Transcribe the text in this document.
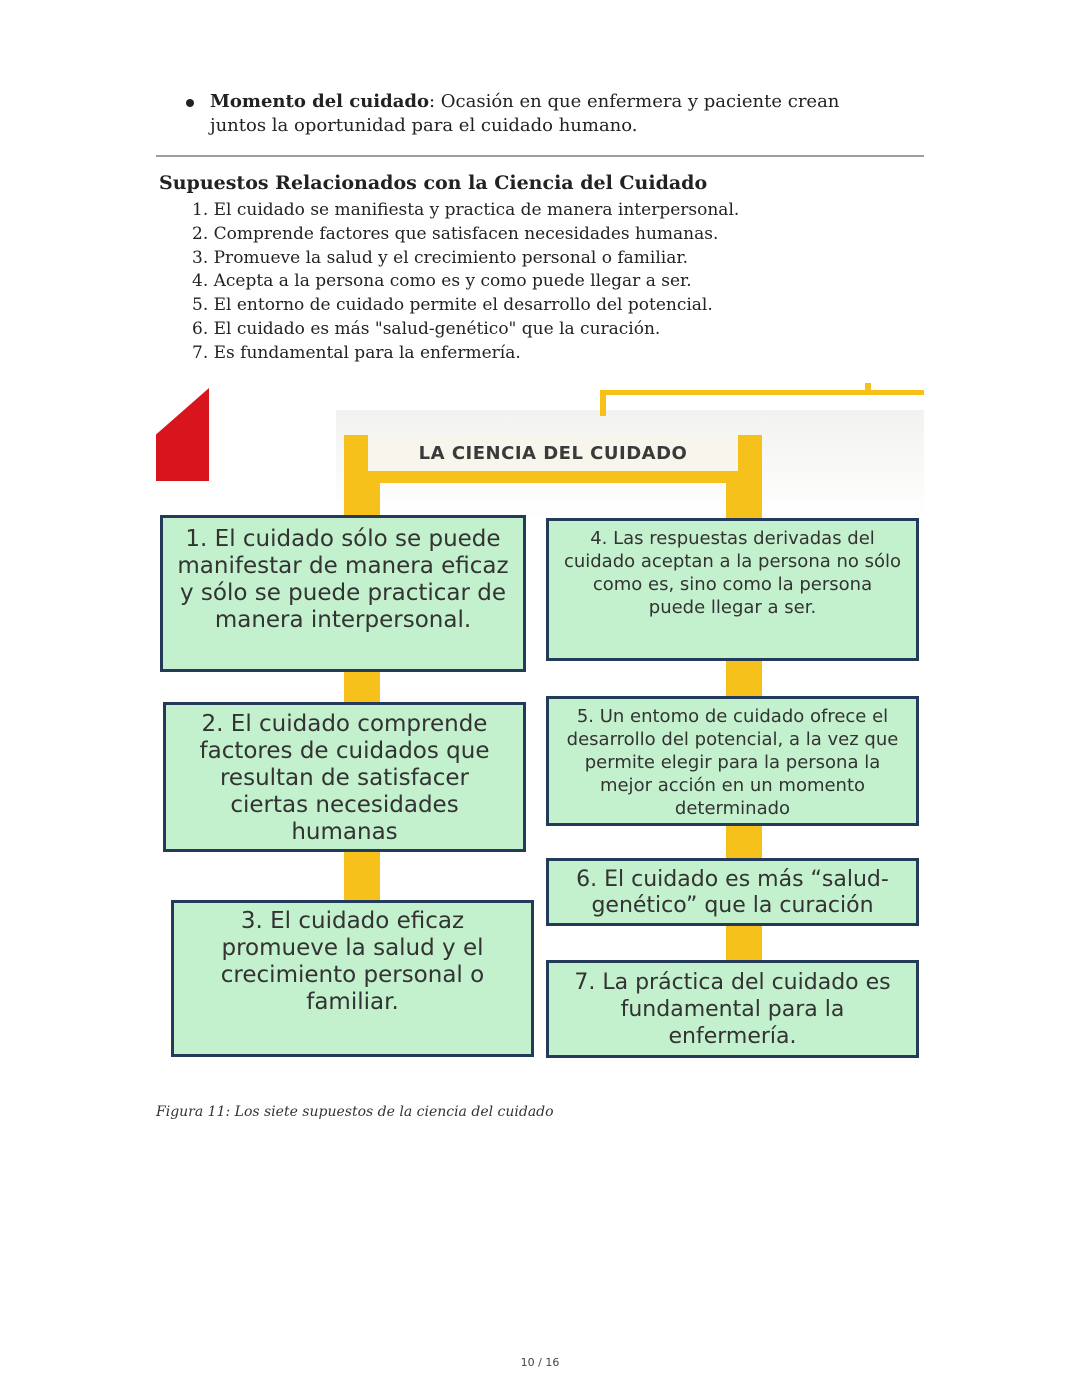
Momento del cuidado: Ocasión en que enfermera y paciente crean juntos la oportunidad para el cuidado humano.
Supuestos Relacionados con la Ciencia del Cuidado
1. El cuidado se manifiesta y practica de manera interpersonal.
2. Comprende factores que satisfacen necesidades humanas.
3. Promueve la salud y el crecimiento personal o familiar.
4. Acepta a la persona como es y como puede llegar a ser.
5. El entorno de cuidado permite el desarrollo del potencial.
6. El cuidado es más "salud-genético" que la curación.
7. Es fundamental para la enfermería.
LA CIENCIA DEL CUIDADO
1. El cuidado sólo se puede manifestar de manera eficaz y sólo se puede practicar de manera interpersonal.
2. El cuidado comprende factores de cuidados que resultan de satisfacer ciertas necesidades humanas
3. El cuidado eficaz promueve la salud y el crecimiento personal o familiar.
4. Las respuestas derivadas del cuidado aceptan a la persona no sólo como es, sino como la persona puede llegar a ser.
5. Un entomo de cuidado ofrece el desarrollo del potencial, a la vez que permite elegir para la persona la mejor acción en un momento determinado
6. El cuidado es más “salud-genético” que la curación
7. La práctica del cuidado es fundamental para la enfermería.
Figura 11: Los siete supuestos de la ciencia del cuidado
10 / 16
